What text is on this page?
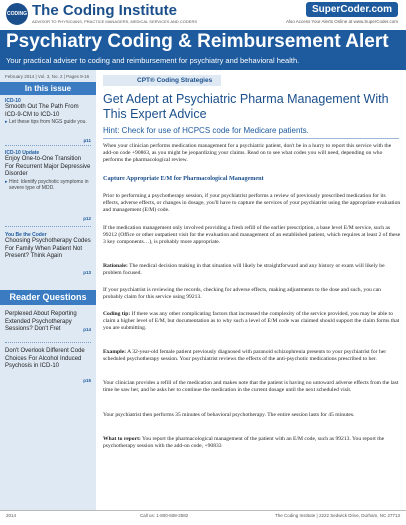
CODING The Coding Institute
ADVISOR TO PHYSICIANS, PRACTICE MANAGERS, MEDICAL SERVICES AND CODERS
SuperCoder.com
Also Access Your Alerts Online at www.SuperCoder.com
Psychiatry Coding & Reimbursement Alert
Your practical adviser to coding and reimbursement for psychiatry and behavioral health.
February 2014 | Vol. 3, No. 2 | Pages 9-16
In this issue
ICD-10
Smooth Out The Path From ICD-9-CM to ICD-10
▸ Let these tips from NGS guide you.
p11
ICD-10 Update
Enjoy One-to-One Transition For Recurrent Major Depressive Disorder
▸ Hint: Identify psychotic symptoms in severe type of MDD.
p12
You Be the Coder
Choosing Psychotherapy Codes For Family When Patient Not Present? Think Again
p13
Reader Questions
Perplexed About Reporting Extended Psychotherapy Sessions? Don't Fret	p14
Don't Overlook Different Code Choices For Alcohol Induced Psychosis in ICD-10
p15
CPT® Coding Strategies
Get Adept at Psychiatric Pharma Management With This Expert Advice
Hint: Check for use of HCPCS code for Medicare patients.

When your clinician performs medication management for a psychiatric patient, don't be in a hurry to report this service with the add-on code +90863, as you might be jeopardizing your claims. Read on to see what codes you will need, depending on who performs the pharmacological review.

Capture Appropriate E/M for Pharmacological Management

Prior to performing a psychotherapy session, if your psychiatrist performs a review of previously prescribed medication for its effects, adverse effects, or changes in dosage, you'll have to capture the services of your psychiatrist using the appropriate evaluation and management (E/M) code.

If the medication management only involved providing a fresh refill of the earlier prescription, a base level E/M service, such as 99212 (Office or other outpatient visit for the evaluation and management of an established patient, which requires at least 2 of these 3 key components…), is probably more appropriate.

Rationale: The medical decision making in that situation will likely be straightforward and any history or exam will likely be problem focused.

If your psychiatrist is reviewing the records, checking for adverse effects, making adjustments to the dose and such, you can probably claim for this service using 99213.

Coding tip: If there was any other complicating factors that increased the complexity of the service provided, you may be able to claim a higher level of E/M, but documentation as to why such a level of E/M code was claimed should support the claim forms that you are submitting.

Example: A 32-year-old female patient previously diagnosed with paranoid schizophrenia presents to your psychiatrist for her scheduled psychotherapy session. Your psychiatrist reviews the effects of the anti-psychotic medications prescribed to her.

Your clinician provides a refill of the medication and makes note that the patient is having no untoward adverse effects from the last time he saw her, and he asks her to continue the medication in the current dosage until the next scheduled visit.

Your psychiatrist then performs 35 minutes of behavioral psychotherapy. The entire session lasts for 45 minutes.

What to report: You report the pharmacological management of the patient with an E/M code, such as 99213. You report the psychotherapy session with the add-on code, +90833

2014	Call us: 1-800-508-2582	The Coding Institute | 2222 Sedwick Drive, Durham, NC 27713
